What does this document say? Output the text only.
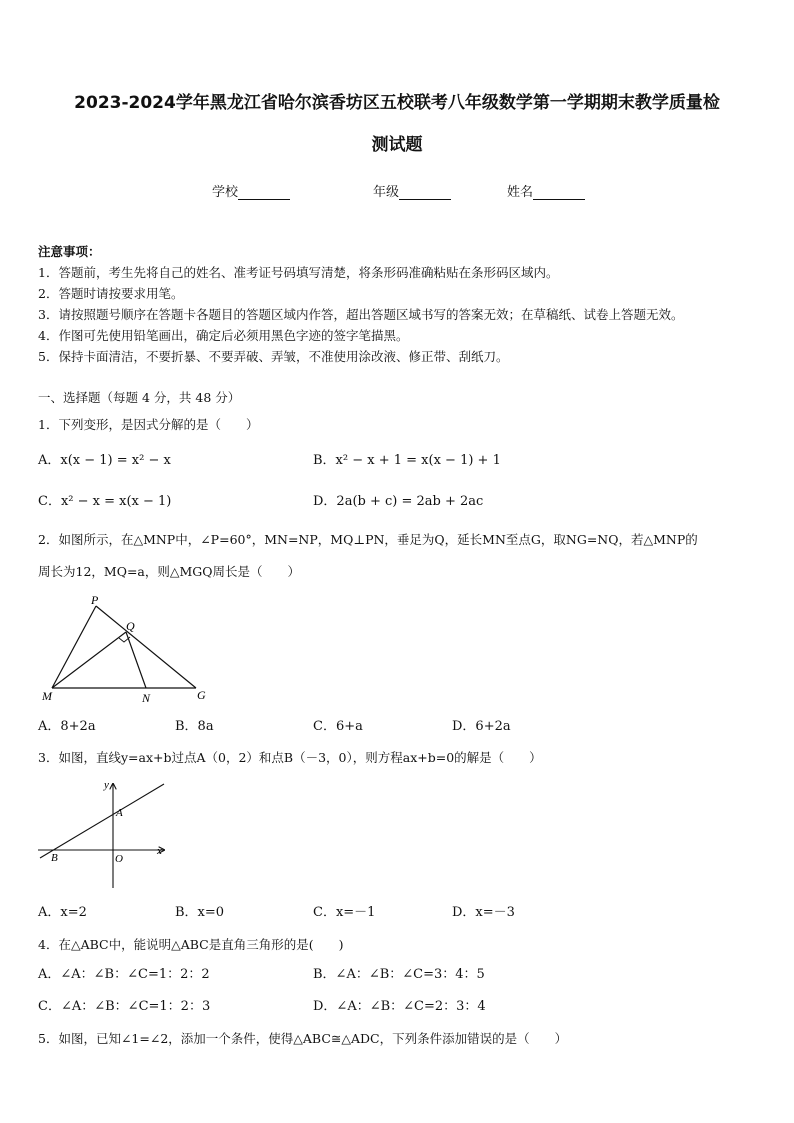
2023-2024学年黑龙江省哈尔滨香坊区五校联考八年级数学第一学期期末教学质量检
测试题
学校	年级	姓名
注意事项：
1．答题前，考生先将自己的姓名、准考证号码填写清楚，将条形码准确粘贴在条形码区域内。
2．答题时请按要求用笔。
3．请按照题号顺序在答题卡各题目的答题区域内作答，超出答题区域书写的答案无效；在草稿纸、试卷上答题无效。
4．作图可先使用铅笔画出，确定后必须用黑色字迹的签字笔描黑。
5．保持卡面清洁，不要折暴、不要弄破、弄皱，不准使用涂改液、修正带、刮纸刀。
一、选择题（每题 4 分，共 48 分）
1．下列变形，是因式分解的是（　　）
A．x(x − 1) = x² − x	B．x² − x + 1 = x(x − 1) + 1
C．x² − x = x(x − 1)	D．2a(b + c) = 2ab + 2ac
2．如图所示，在△MNP中，∠P=60°，MN=NP，MQ⊥PN，垂足为Q，延长MN至点G，取NG=NQ，若△MNP的
周长为12，MQ=a，则△MGQ周长是（　　）
P
Q
M	N	G
A．8+2a	B．8a	C．6+a	D．6+2a
3．如图，直线y=ax+b过点A（0，2）和点B（－3，0），则方程ax+b=0的解是（　　）
y
x
A
B	O
A．x=2	B．x=0	C．x=－1	D．x=－3
4．在△ABC中，能说明△ABC是直角三角形的是(　　)
A．∠A：∠B：∠C=1：2：2	B．∠A：∠B：∠C=3：4：5
C．∠A：∠B：∠C=1：2：3	D．∠A：∠B：∠C=2：3：4
5．如图，已知∠1=∠2，添加一个条件，使得△ABC≅△ADC，下列条件添加错误的是（　　）
